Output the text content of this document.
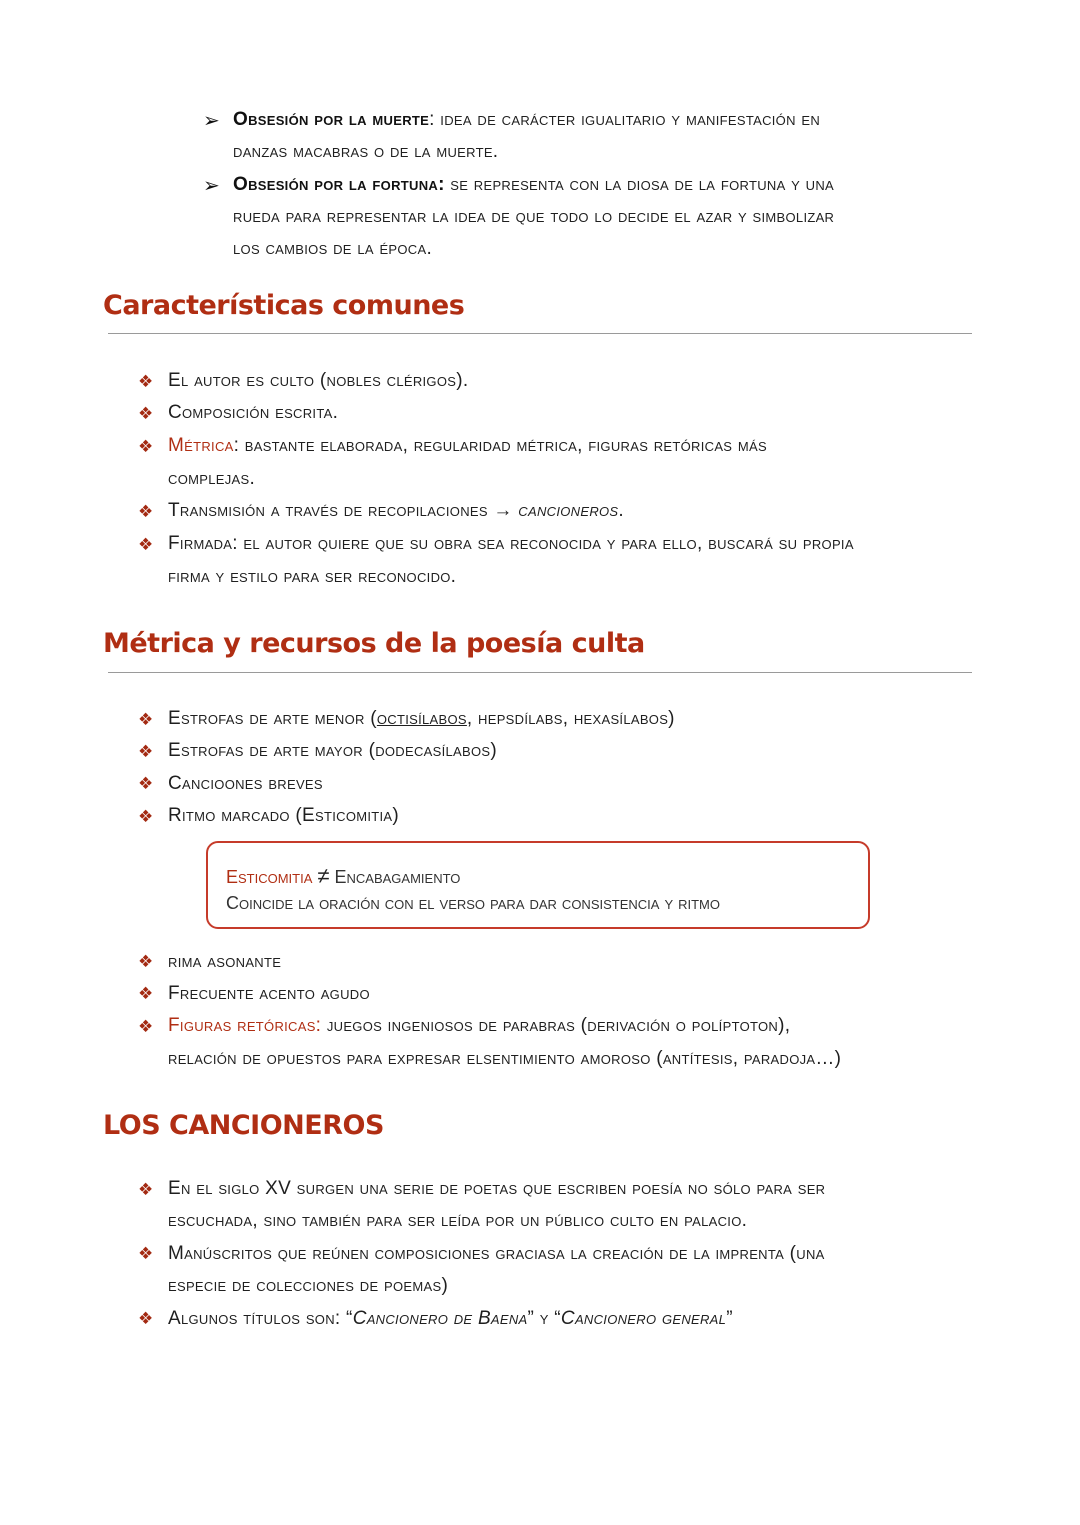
➢ Obsesión por la muerte: idea de carácter igualitario y manifestación en
danzas macabras o de la muerte.
➢ Obsesión por la fortuna: se representa con la diosa de la fortuna y una
rueda para representar la idea de que todo lo decide el azar y simbolizar
los cambios de la época.
Características comunes
❖ El autor es culto (nobles clérigos).
❖ Composición escrita.
❖ Métrica: bastante elaborada, regularidad métrica, figuras retóricas más
complejas.
❖ Transmisión a través de recopilaciones → cancioneros.
❖ Firmada: el autor quiere que su obra sea reconocida y para ello, buscará su propia
firma y estilo para ser reconocido.
Métrica y recursos de la poesía culta
❖ Estrofas de arte menor (octisílabos, hepsdílabs, hexasílabos)
❖ Estrofas de arte mayor (dodecasílabos)
❖ Cancioones breves
❖ Ritmo marcado (Esticomitia)
Esticomitia ≠ Encabagamiento
Coincide la oración con el verso para dar consistencia y ritmo
❖ rima asonante
❖ Frecuente acento agudo
❖ Figuras retóricas: juegos ingeniosos de parabras (derivación o políptoton),
relación de opuestos para expresar elsentimiento amoroso (antítesis, paradoja…)
LOS CANCIONEROS
❖ En el siglo XV surgen una serie de poetas que escriben poesía no sólo para ser
escuchada, sino también para ser leída por un público culto en palacio.
❖ Manúscritos que reúnen composiciones graciasa la creación de la imprenta (una
especie de colecciones de poemas)
❖ Algunos títulos son: “Cancionero de Baena” y “Cancionero general”
